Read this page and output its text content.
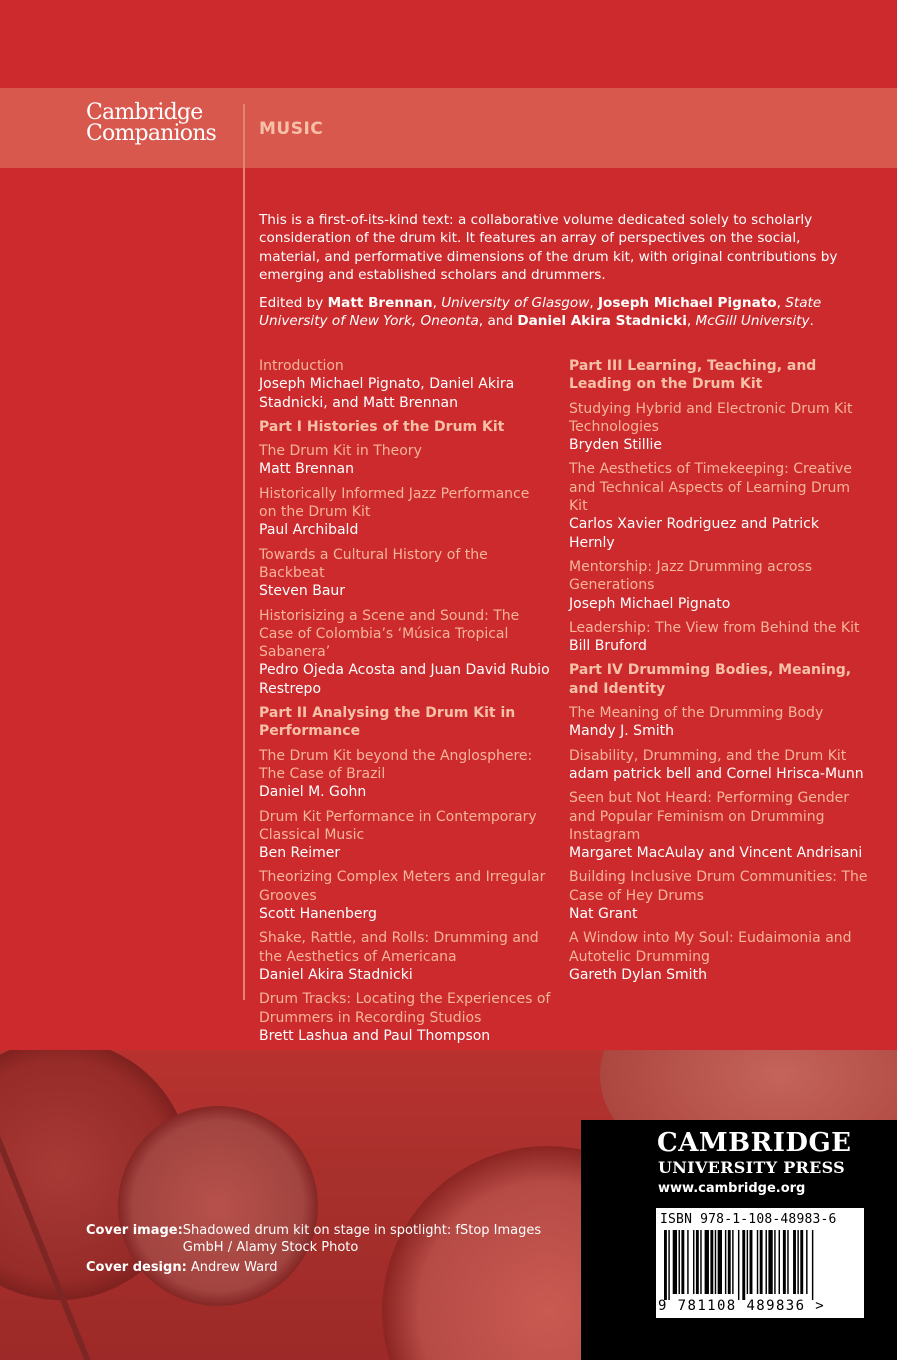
Cambridge
Companions	MUSIC

This is a first-of-its-kind text: a collaborative volume dedicated solely to scholarly consideration of the drum kit. It features an array of perspectives on the social, material, and performative dimensions of the drum kit, with original contributions by emerging and established scholars and drummers.

Edited by Matt Brennan, University of Glasgow, Joseph Michael Pignato, State University of New York, Oneonta, and Daniel Akira Stadnicki, McGill University.

Introduction
Joseph Michael Pignato, Daniel Akira Stadnicki, and Matt Brennan
Part I Histories of the Drum Kit
The Drum Kit in Theory
Matt Brennan
Historically Informed Jazz Performance on the Drum Kit
Paul Archibald
Towards a Cultural History of the Backbeat
Steven Baur
Historisizing a Scene and Sound: The Case of Colombia’s ‘Música Tropical Sabanera’
Pedro Ojeda Acosta and Juan David Rubio Restrepo
Part II Analysing the Drum Kit in Performance
The Drum Kit beyond the Anglosphere: The Case of Brazil
Daniel M. Gohn
Drum Kit Performance in Contemporary Classical Music
Ben Reimer
Theorizing Complex Meters and Irregular Grooves
Scott Hanenberg
Shake, Rattle, and Rolls: Drumming and the Aesthetics of Americana
Daniel Akira Stadnicki
Drum Tracks: Locating the Experiences of Drummers in Recording Studios
Brett Lashua and Paul Thompson
Part III Learning, Teaching, and Leading on the Drum Kit
Studying Hybrid and Electronic Drum Kit Technologies
Bryden Stillie
The Aesthetics of Timekeeping: Creative and Technical Aspects of Learning Drum Kit
Carlos Xavier Rodriguez and Patrick Hernly
Mentorship: Jazz Drumming across Generations
Joseph Michael Pignato
Leadership: The View from Behind the Kit
Bill Bruford
Part IV Drumming Bodies, Meaning, and Identity
The Meaning of the Drumming Body
Mandy J. Smith
Disability, Drumming, and the Drum Kit
adam patrick bell and Cornel Hrisca-Munn
Seen but Not Heard: Performing Gender and Popular Feminism on Drumming Instagram
Margaret MacAulay and Vincent Andrisani
Building Inclusive Drum Communities: The Case of Hey Drums
Nat Grant
A Window into My Soul: Eudaimonia and Autotelic Drumming
Gareth Dylan Smith
Cover image:Shadowed drum kit on stage in spotlight: fStop Images GmbH / Alamy Stock Photo
Cover design: Andrew Ward
CAMBRIDGE
UNIVERSITY PRESS
www.cambridge.org
ISBN 978-1-108-48983-6
9 781108 489836 >
